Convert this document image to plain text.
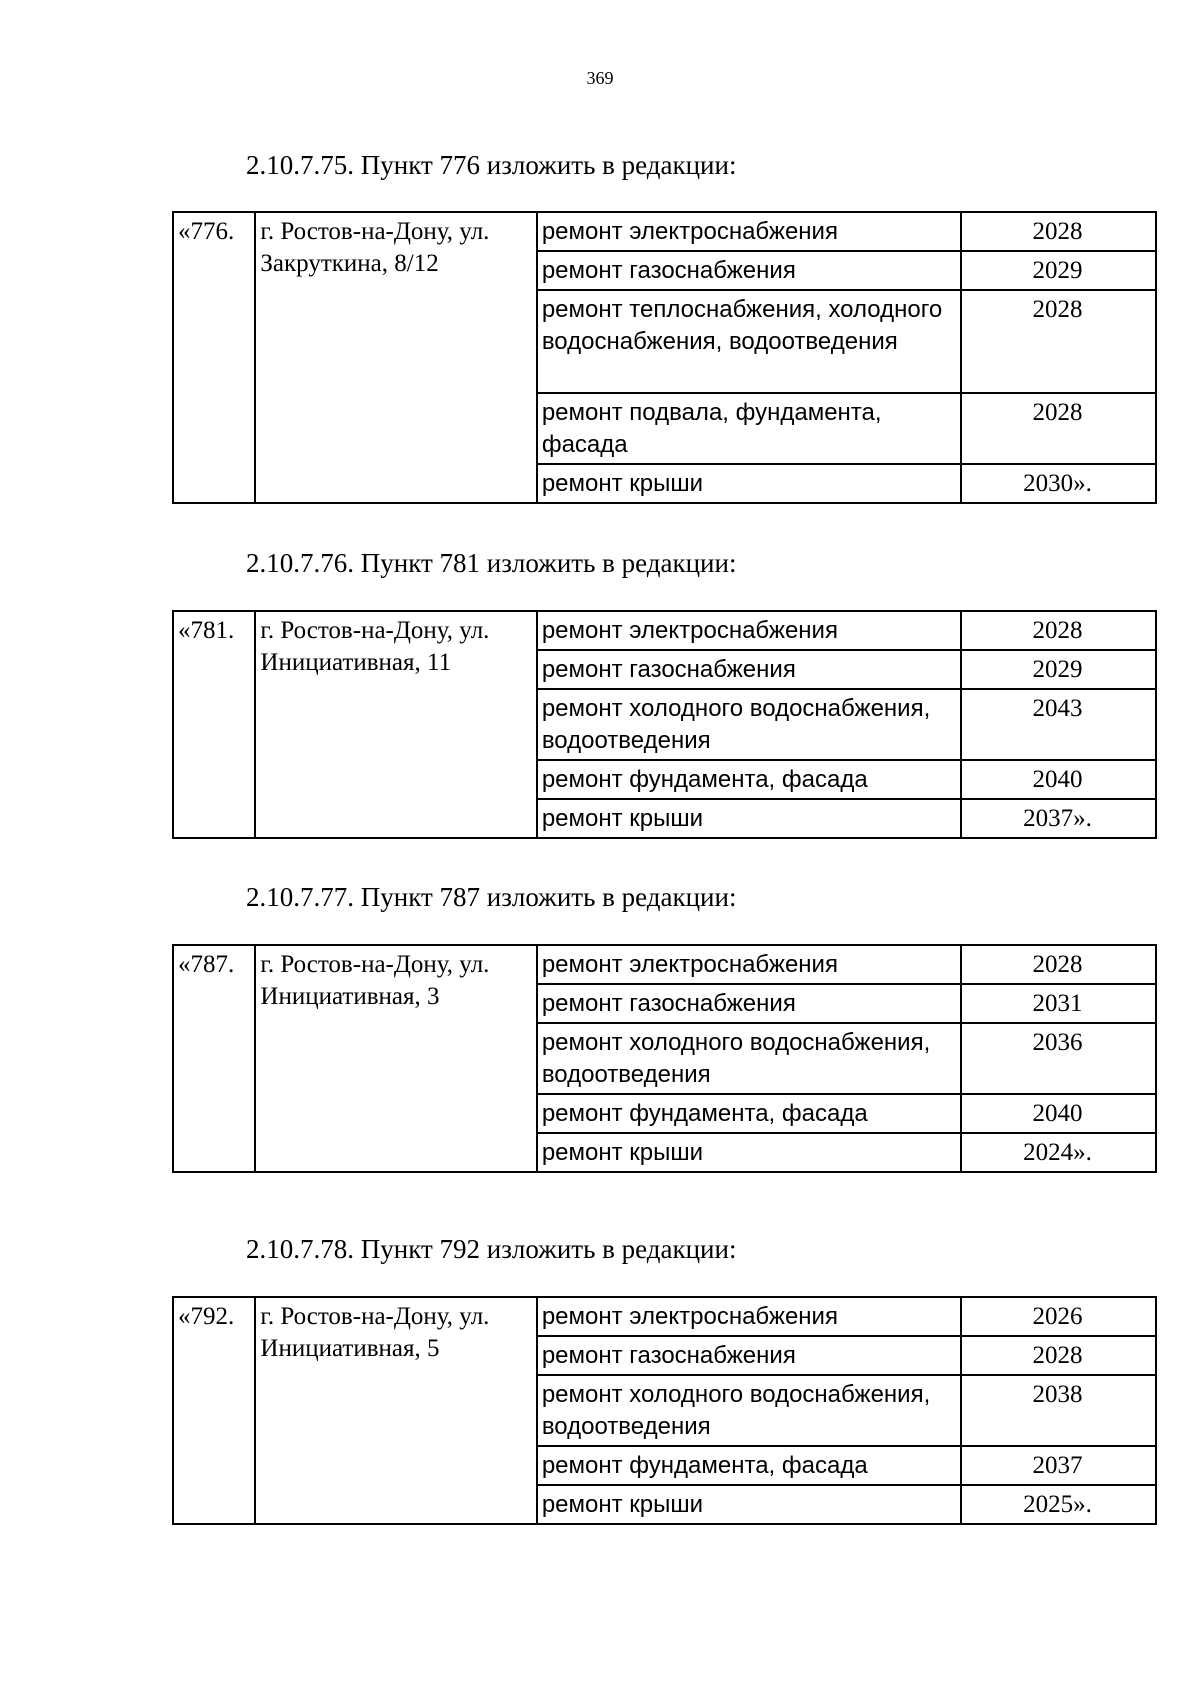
369
2.10.7.75. Пункт 776 изложить в редакции:
«776.	г. Ростов-на-Дону, ул. Закруткина, 8/12	ремонт электроснабжения	2028
		ремонт газоснабжения	2029
		ремонт теплоснабжения, холодного водоснабжения, водоотведения	2028
		ремонт подвала, фундамента, фасада	2028
		ремонт крыши	2030».
2.10.7.76. Пункт 781 изложить в редакции:
«781.	г. Ростов-на-Дону, ул. Инициативная, 11	ремонт электроснабжения	2028
		ремонт газоснабжения	2029
		ремонт холодного водоснабжения, водоотведения	2043
		ремонт фундамента, фасада	2040
		ремонт крыши	2037».
2.10.7.77. Пункт 787 изложить в редакции:
«787.	г. Ростов-на-Дону, ул. Инициативная, 3	ремонт электроснабжения	2028
		ремонт газоснабжения	2031
		ремонт холодного водоснабжения, водоотведения	2036
		ремонт фундамента, фасада	2040
		ремонт крыши	2024».
2.10.7.78. Пункт 792 изложить в редакции:
«792.	г. Ростов-на-Дону, ул. Инициативная, 5	ремонт электроснабжения	2026
		ремонт газоснабжения	2028
		ремонт холодного водоснабжения, водоотведения	2038
		ремонт фундамента, фасада	2037
		ремонт крыши	2025».
